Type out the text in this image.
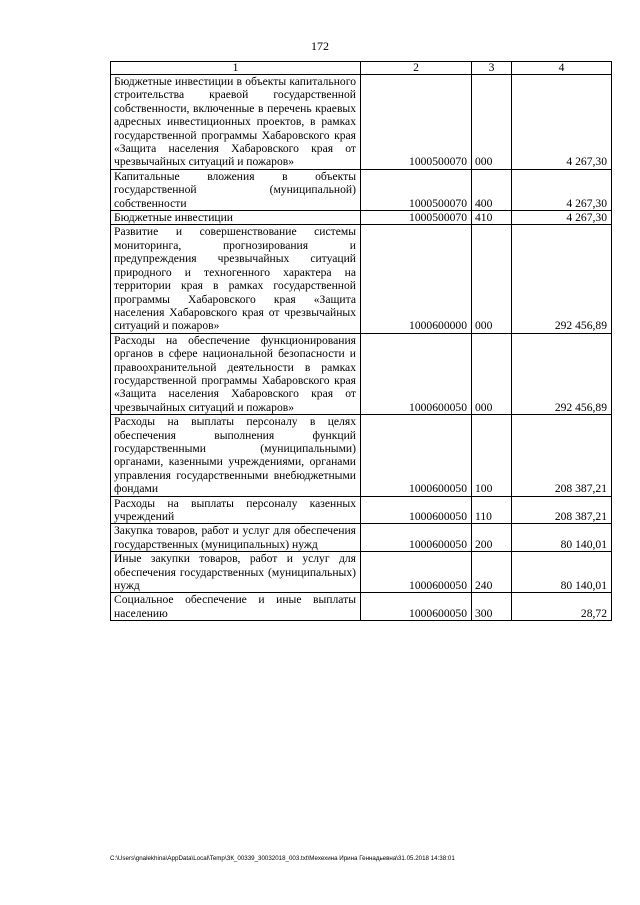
172
1	2	3	4
Бюджетные инвестиции в объекты капитального строительства краевой государственной собственности, включенные в перечень краевых адресных инвестиционных проектов, в рамках государственной программы Хабаровского края «Защита населения Хабаровского края от чрезвычайных ситуаций и пожаров»	1000500070	000	4 267,30
Капитальные вложения в объекты государственной (муниципальной) собственности	1000500070	400	4 267,30
Бюджетные инвестиции	1000500070	410	4 267,30
Развитие и совершенствование системы мониторинга, прогнозирования и предупреждения чрезвычайных ситуаций природного и техногенного характера на территории края в рамках государственной программы Хабаровского края «Защита населения Хабаровского края от чрезвычайных ситуаций и пожаров»	1000600000	000	292 456,89
Расходы на обеспечение функционирования органов в сфере национальной безопасности и правоохранительной деятельности в рамках государственной программы Хабаровского края «Защита населения Хабаровского края от чрезвычайных ситуаций и пожаров»	1000600050	000	292 456,89
Расходы на выплаты персоналу в целях обеспечения выполнения функций государственными (муниципальными) органами, казенными учреждениями, органами управления государственными внебюджетными фондами	1000600050	100	208 387,21
Расходы на выплаты персоналу казенных учреждений	1000600050	110	208 387,21
Закупка товаров, работ и услуг для обеспечения государственных (муниципальных) нужд	1000600050	200	80 140,01
Иные закупки товаров, работ и услуг для обеспечения государственных (муниципальных) нужд	1000600050	240	80 140,01
Социальное обеспечение и иные выплаты населению	1000600050	300	28,72
C:\Users\gnalekhina\AppData\Local\Temp\ЗК_00339_30032018_003.txt\Мехехина Ирина Геннадьевна\31.05.2018 14:38:01
